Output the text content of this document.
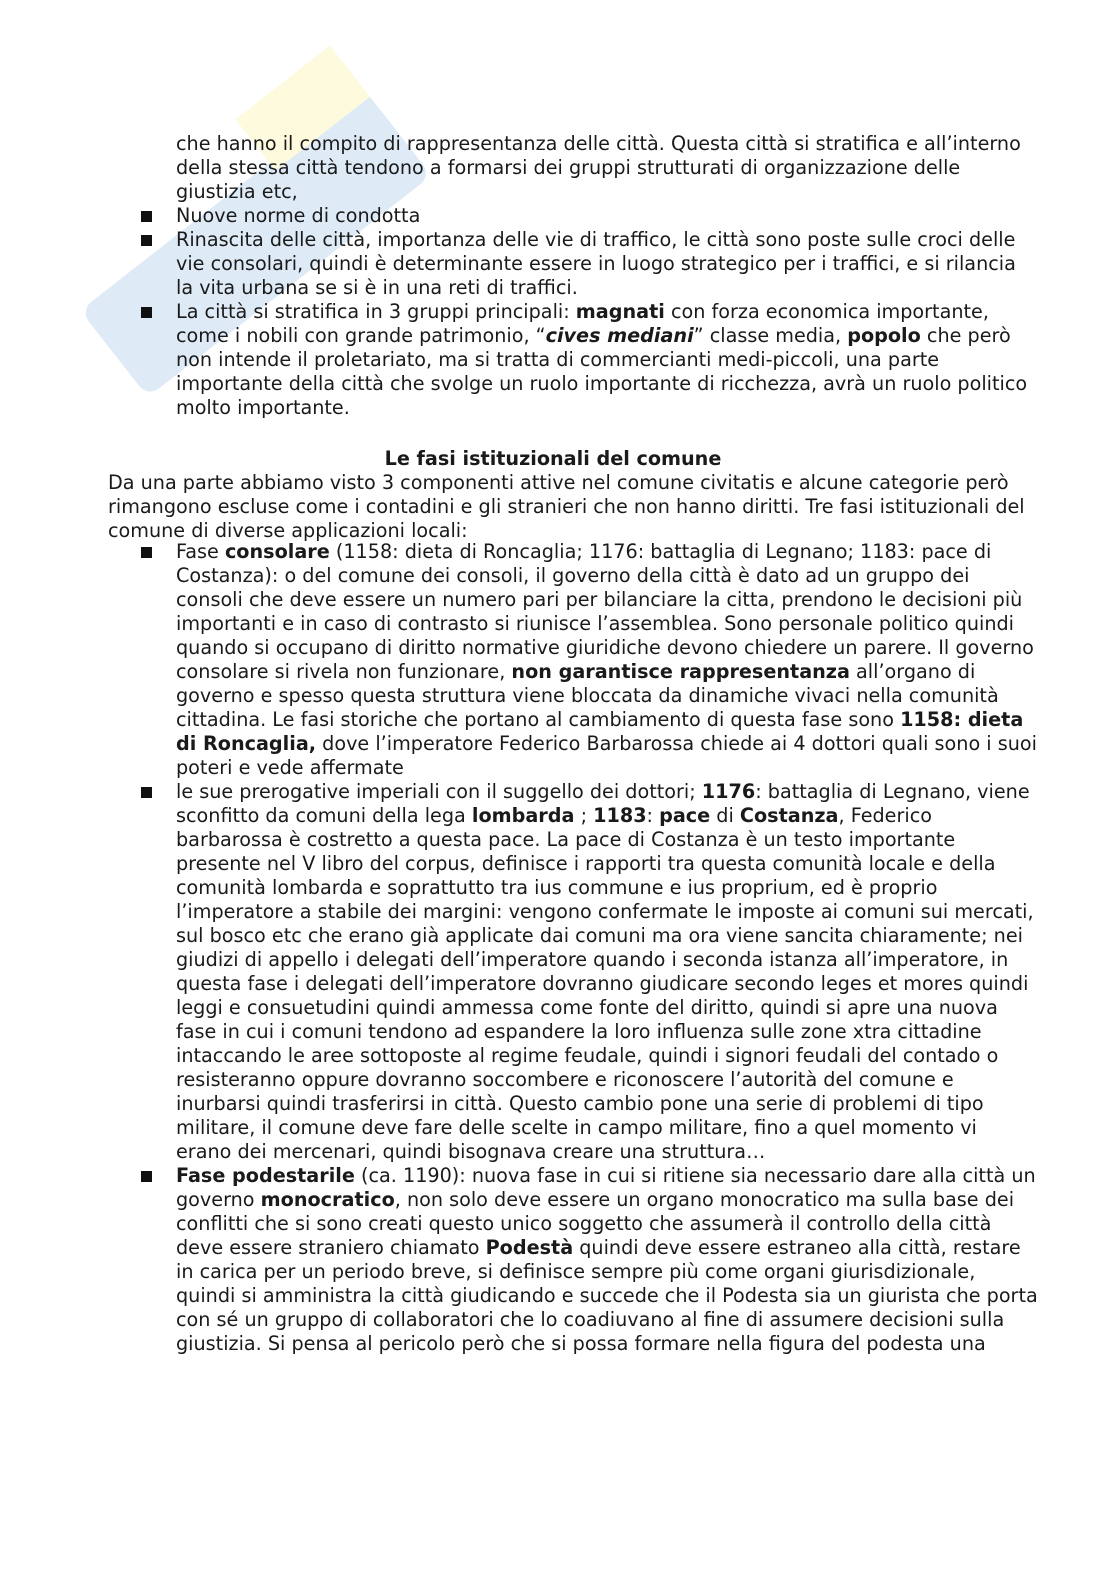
che hanno il compito di rappresentanza delle città. Questa città si stratifica e all’interno della stessa città tendono a formarsi dei gruppi strutturati di organizzazione delle giustizia etc,

Nuove norme di condotta
Rinascita delle città, importanza delle vie di traffico, le città sono poste sulle croci delle vie consolari, quindi è determinante essere in luogo strategico per i traffici, e si rilancia la vita urbana se si è in una reti di traffici.
La città si stratifica in 3 gruppi principali: magnati con forza economica importante, come i nobili con grande patrimonio, “cives mediani” classe media, popolo che però non intende il proletariato, ma si tratta di commercianti medi-piccoli, una parte importante della città che svolge un ruolo importante di ricchezza, avrà un ruolo politico molto importante.
Le fasi istituzionali del comune

Da una parte abbiamo visto 3 componenti attive nel comune civitatis e alcune categorie però rimangono escluse come i contadini e gli stranieri che non hanno diritti. Tre fasi istituzionali del comune di diverse applicazioni locali:

Fase consolare (1158: dieta di Roncaglia; 1176: battaglia di Legnano; 1183: pace di Costanza): o del comune dei consoli, il governo della città è dato ad un gruppo dei consoli che deve essere un numero pari per bilanciare la citta, prendono le decisioni più importanti e in caso di contrasto si riunisce l’assemblea. Sono personale politico quindi quando si occupano di diritto normative giuridiche devono chiedere un parere. Il governo consolare si rivela non funzionare, non garantisce rappresentanza all’organo di governo e spesso questa struttura viene bloccata da dinamiche vivaci nella comunità cittadina. Le fasi storiche che portano al cambiamento di questa fase sono 1158: dieta di Roncaglia, dove l’imperatore Federico Barbarossa chiede ai 4 dottori quali sono i suoi poteri e vede affermate
le sue prerogative imperiali con il suggello dei dottori; 1176: battaglia di Legnano, viene sconfitto da comuni della lega lombarda ; 1183: pace di Costanza, Federico barbarossa è costretto a questa pace. La pace di Costanza è un testo importante presente nel V libro del corpus, definisce i rapporti tra questa comunità locale e della comunità lombarda e soprattutto tra ius commune e ius proprium, ed è proprio l’imperatore a stabile dei margini: vengono confermate le imposte ai comuni sui mercati, sul bosco etc che erano già applicate dai comuni ma ora viene sancita chiaramente; nei giudizi di appello i delegati dell’imperatore quando i seconda istanza all’imperatore, in questa fase i delegati dell’imperatore dovranno giudicare secondo leges et mores quindi leggi e consuetudini quindi ammessa come fonte del diritto, quindi si apre una nuova fase in cui i comuni tendono ad espandere la loro influenza sulle zone xtra cittadine intaccando le aree sottoposte al regime feudale, quindi i signori feudali del contado o resisteranno oppure dovranno soccombere e riconoscere l’autorità del comune e inurbarsi quindi trasferirsi in città. Questo cambio pone una serie di problemi di tipo militare, il comune deve fare delle scelte in campo militare, fino a quel momento vi erano dei mercenari, quindi bisognava creare una struttura…
Fase podestarile (ca. 1190): nuova fase in cui si ritiene sia necessario dare alla città un governo monocratico, non solo deve essere un organo monocratico ma sulla base dei conflitti che si sono creati questo unico soggetto che assumerà il controllo della città deve essere straniero chiamato Podestà quindi deve essere estraneo alla città, restare in carica per un periodo breve, si definisce sempre più come organi giurisdizionale, quindi si amministra la città giudicando e succede che il Podesta sia un giurista che porta con sé un gruppo di collaboratori che lo coadiuvano al fine di assumere decisioni sulla giustizia. Si pensa al pericolo però che si possa formare nella figura del podesta una
